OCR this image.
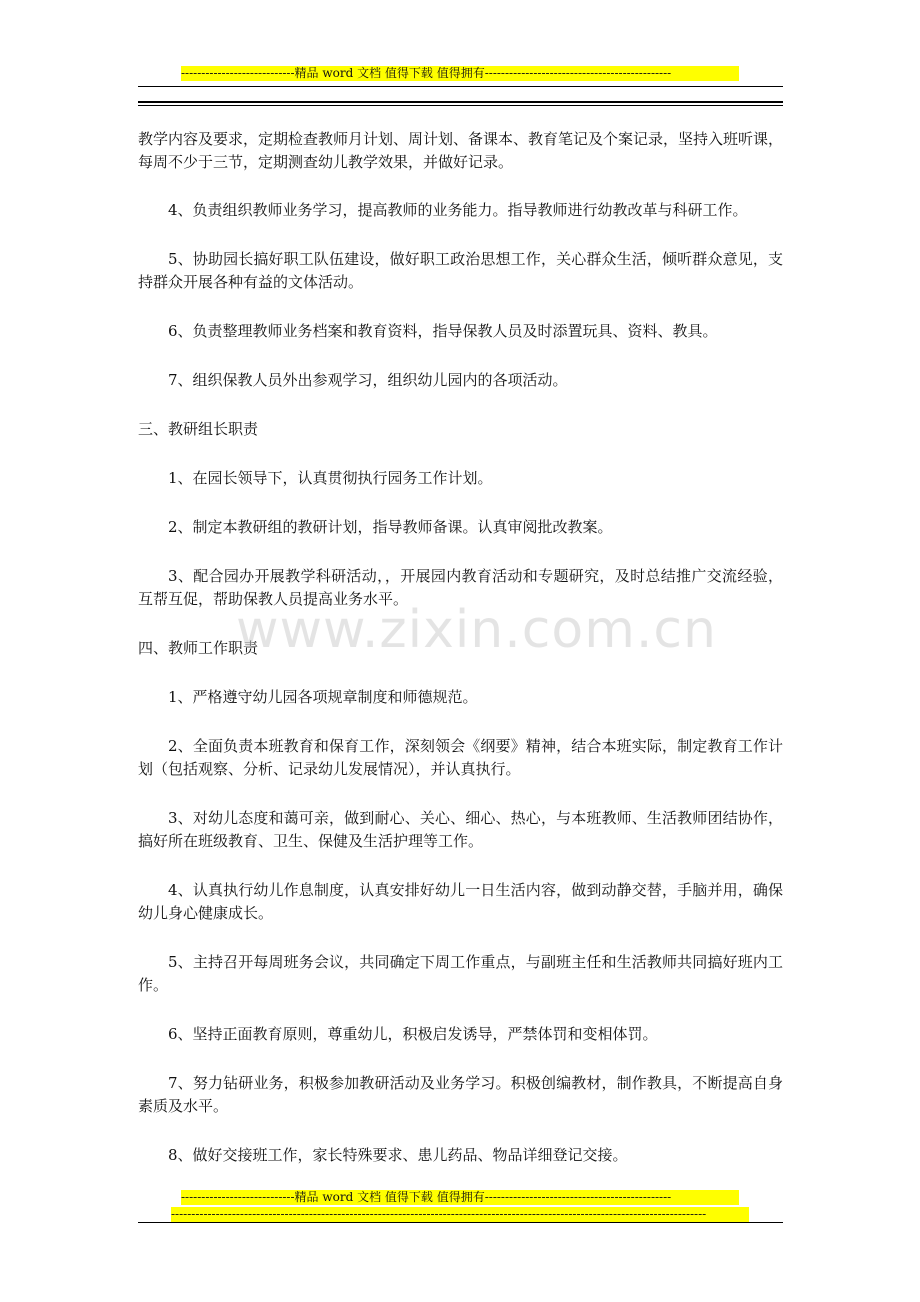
----------------------------精品 word 文档 值得下载 值得拥有----------------------------------------------

教学内容及要求，定期检查教师月计划、周计划、备课本、教育笔记及个案记录，坚持入班听课，每周不少于三节，定期测查幼儿教学效果，并做好记录。

4、负责组织教师业务学习，提高教师的业务能力。指导教师进行幼教改革与科研工作。

5、协助园长搞好职工队伍建设，做好职工政治思想工作，关心群众生活，倾听群众意见，支持群众开展各种有益的文体活动。

6、负责整理教师业务档案和教育资料，指导保教人员及时添置玩具、资料、教具。

7、组织保教人员外出参观学习，组织幼儿园内的各项活动。

三、教研组长职责

1、在园长领导下，认真贯彻执行园务工作计划。

2、制定本教研组的教研计划，指导教师备课。认真审阅批改教案。

3、配合园办开展教学科研活动，，开展园内教育活动和专题研究，及时总结推广交流经验，互帮互促，帮助保教人员提高业务水平。

四、教师工作职责

1、严格遵守幼儿园各项规章制度和师德规范。

2、全面负责本班教育和保育工作，深刻领会《纲要》精神，结合本班实际，制定教育工作计划（包括观察、分析、记录幼儿发展情况），并认真执行。

3、对幼儿态度和蔼可亲，做到耐心、关心、细心、热心，与本班教师、生活教师团结协作，搞好所在班级教育、卫生、保健及生活护理等工作。

4、认真执行幼儿作息制度，认真安排好幼儿一日生活内容，做到动静交替，手脑并用，确保幼儿身心健康成长。

5、主持召开每周班务会议，共同确定下周工作重点，与副班主任和生活教师共同搞好班内工作。

6、坚持正面教育原则，尊重幼儿，积极启发诱导，严禁体罚和变相体罚。

7、努力钻研业务，积极参加教研活动及业务学习。积极创编教材，制作教具，不断提高自身素质及水平。

8、做好交接班工作，家长特殊要求、患儿药品、物品详细登记交接。

www.zixin.com.cn
----------------------------精品 word 文档 值得下载 值得拥有----------------------------------------------
------------------------------------------------------------------------------------------------------------------------------------
